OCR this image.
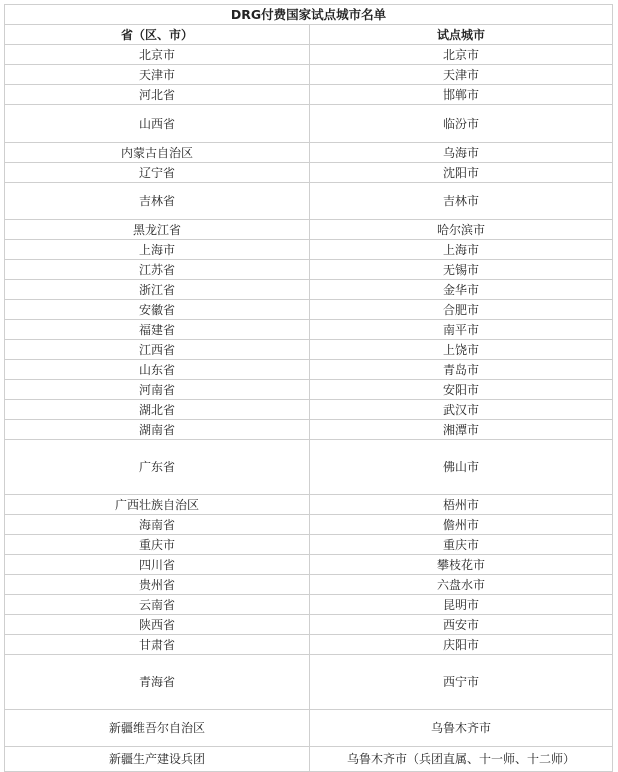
DRG付费国家试点城市名单	
省（区、市）	试点城市
北京市	北京市
天津市	天津市
河北省	邯郸市
山西省	临汾市
内蒙古自治区	乌海市
辽宁省	沈阳市
吉林省	吉林市
黑龙江省	哈尔滨市
上海市	上海市
江苏省	无锡市
浙江省	金华市
安徽省	合肥市
福建省	南平市
江西省	上饶市
山东省	青岛市
河南省	安阳市
湖北省	武汉市
湖南省	湘潭市
广东省	佛山市
广西壮族自治区	梧州市
海南省	儋州市
重庆市	重庆市
四川省	攀枝花市
贵州省	六盘水市
云南省	昆明市
陕西省	西安市
甘肃省	庆阳市
青海省	西宁市
新疆维吾尔自治区	乌鲁木齐市
新疆生产建设兵团	乌鲁木齐市（兵团直属、十一师、十二师）
